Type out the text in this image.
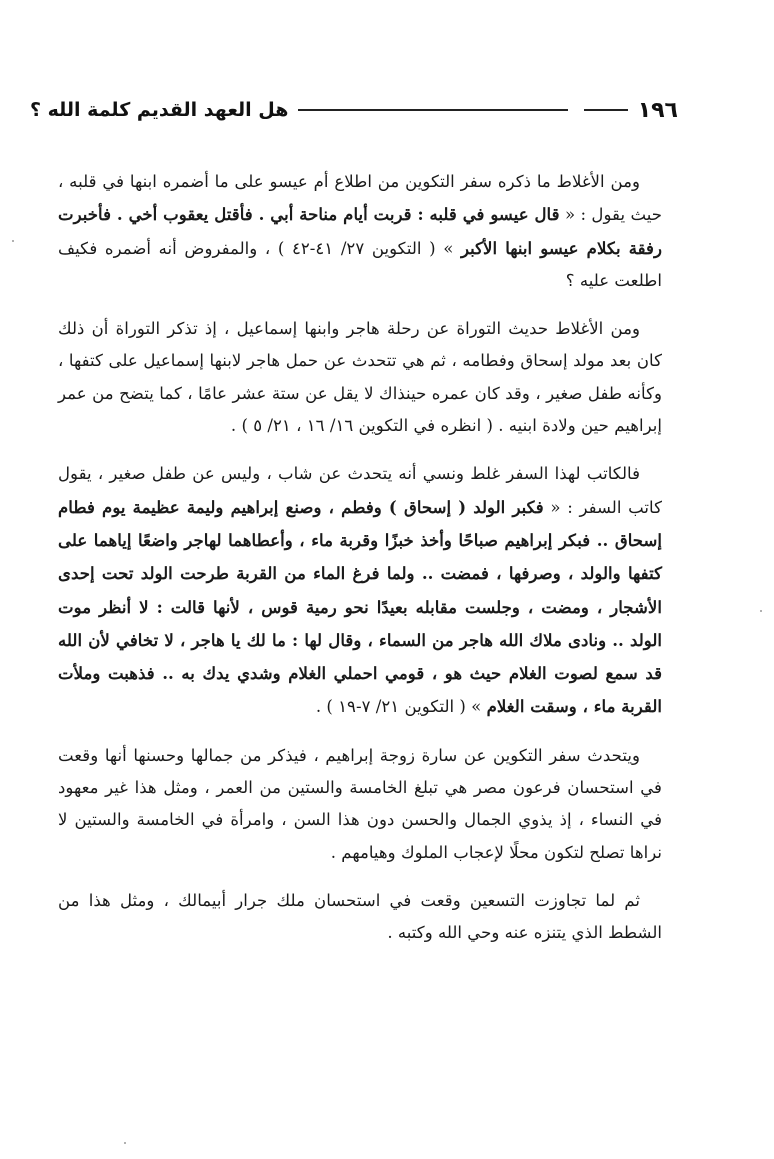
١٩٦
هل العهد القديم كلمة الله ؟

ومن الأغلاط ما ذكره سفر التكوين من اطلاع أم عيسو على ما أضمره ابنها في قلبه ، حيث يقول : « قال عيسو في قلبه : قربت أيام مناحة أبي . فأقتل يعقوب أخي . فأخبرت رفقة بكلام عيسو ابنها الأكبر » ( التكوين ٢٧/ ٤١-٤٢ ) ، والمفروض أنه أضمره فكيف اطلعت عليه ؟

ومن الأغلاط حديث التوراة عن رحلة هاجر وابنها إسماعيل ، إذ تذكر التوراة أن ذلك كان بعد مولد إسحاق وفطامه ، ثم هي تتحدث عن حمل هاجر لابنها إسماعيل على كتفها ، وكأنه طفل صغير ، وقد كان عمره حينذاك لا يقل عن ستة عشر عامًا ، كما يتضح من عمر إبراهيم حين ولادة ابنيه . ( انظره في التكوين ١٦/ ١٦ ، ٢١/ ٥ ) .

فالكاتب لهذا السفر غلط ونسي أنه يتحدث عن شاب ، وليس عن طفل صغير ، يقول كاتب السفر : « فكبر الولد ( إسحاق ) وفطم ، وصنع إبراهيم وليمة عظيمة يوم فطام إسحاق .. فبكر إبراهيم صباحًا وأخذ خبزًا وقربة ماء ، وأعطاهما لهاجر واضعًا إياهما على كتفها والولد ، وصرفها ، فمضت .. ولما فرغ الماء من القربة طرحت الولد تحت إحدى الأشجار ، ومضت ، وجلست مقابله بعيدًا نحو رمية قوس ، لأنها قالت : لا أنظر موت الولد .. ونادى ملاك الله هاجر من السماء ، وقال لها : ما لك يا هاجر ، لا تخافي لأن الله قد سمع لصوت الغلام حيث هو ، قومي احملي الغلام وشدي يدك به .. فذهبت وملأت القربة ماء ، وسقت الغلام » ( التكوين ٢١/ ٧-١٩ ) .

ويتحدث سفر التكوين عن سارة زوجة إبراهيم ، فيذكر من جمالها وحسنها أنها وقعت في استحسان فرعون مصر هي تبلغ الخامسة والستين من العمر ، ومثل هذا غير معهود في النساء ، إذ يذوي الجمال والحسن دون هذا السن ، وامرأة في الخامسة والستين لا نراها تصلح لتكون محلًا لإعجاب الملوك وهيامهم .

ثم لما تجاوزت التسعين وقعت في استحسان ملك جرار أبيمالك ، ومثل هذا من الشطط الذي يتنزه عنه وحي الله وكتبه .
